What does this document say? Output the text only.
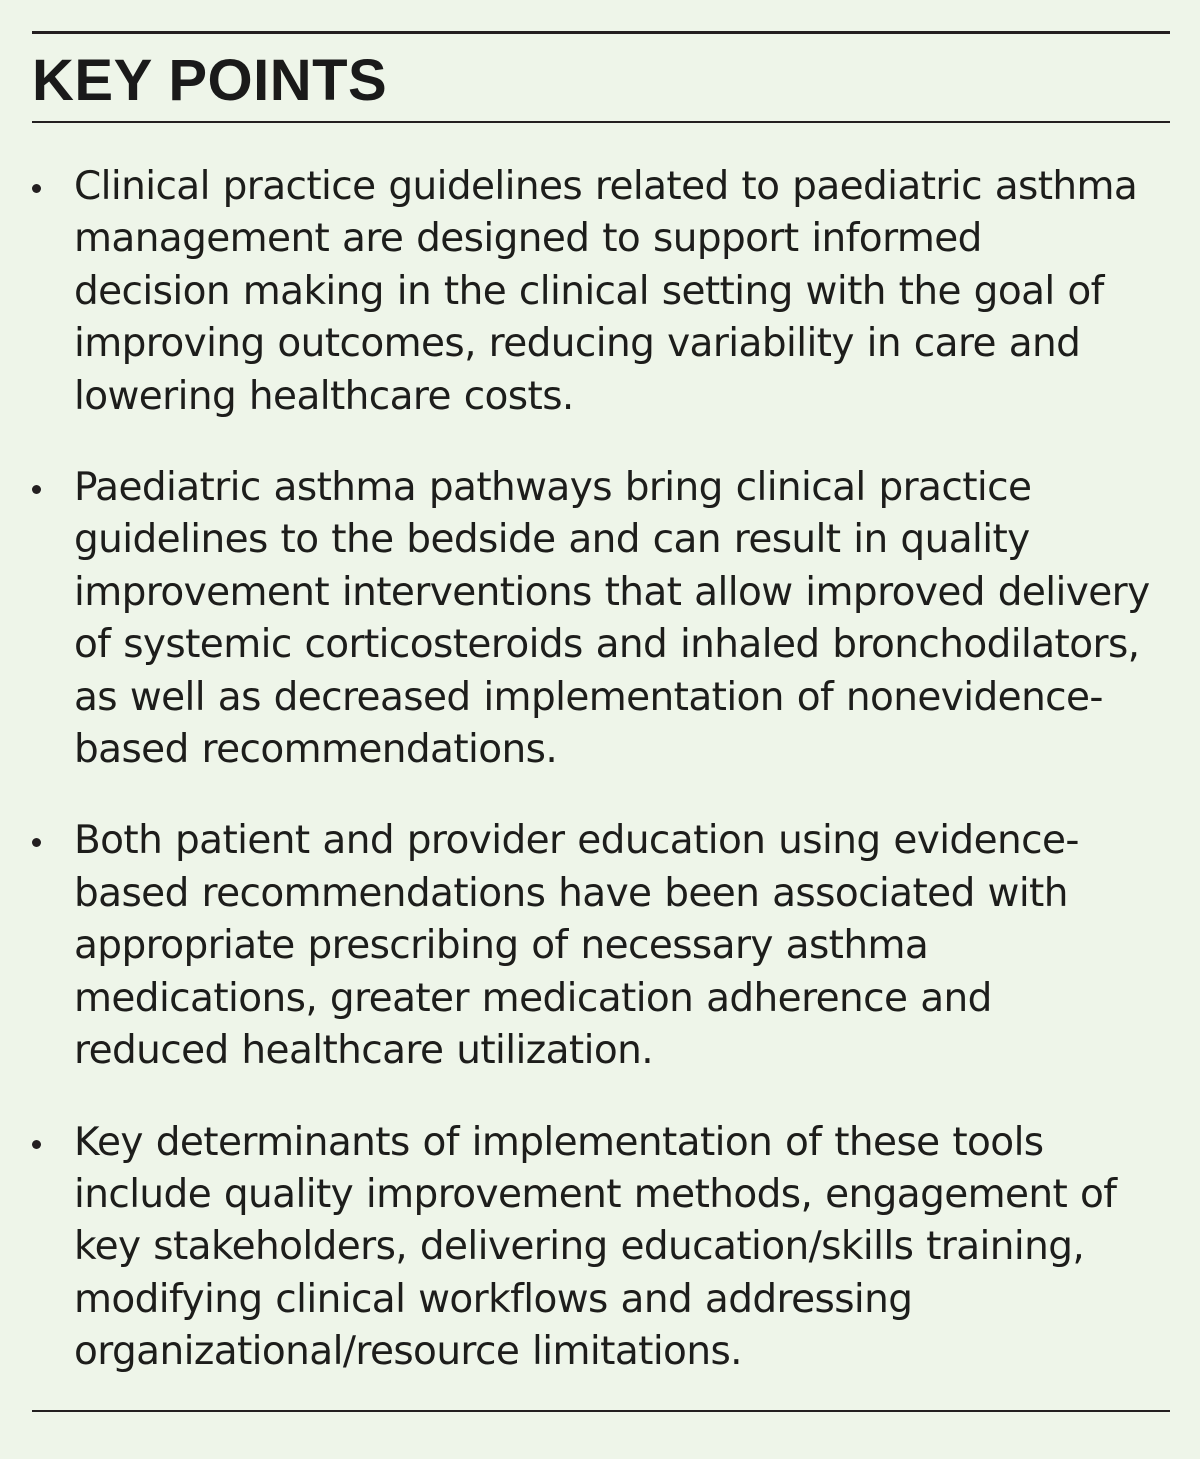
KEY POINTS
Clinical practice guidelines related to paediatric asthma
management are designed to support informed
decision making in the clinical setting with the goal of
improving outcomes, reducing variability in care and
lowering healthcare costs.
Paediatric asthma pathways bring clinical practice
guidelines to the bedside and can result in quality
improvement interventions that allow improved delivery
of systemic corticosteroids and inhaled bronchodilators,
as well as decreased implementation of nonevidence-
based recommendations.
Both patient and provider education using evidence-
based recommendations have been associated with
appropriate prescribing of necessary asthma
medications, greater medication adherence and
reduced healthcare utilization.
Key determinants of implementation of these tools
include quality improvement methods, engagement of
key stakeholders, delivering education/skills training,
modifying clinical workflows and addressing
organizational/resource limitations.
